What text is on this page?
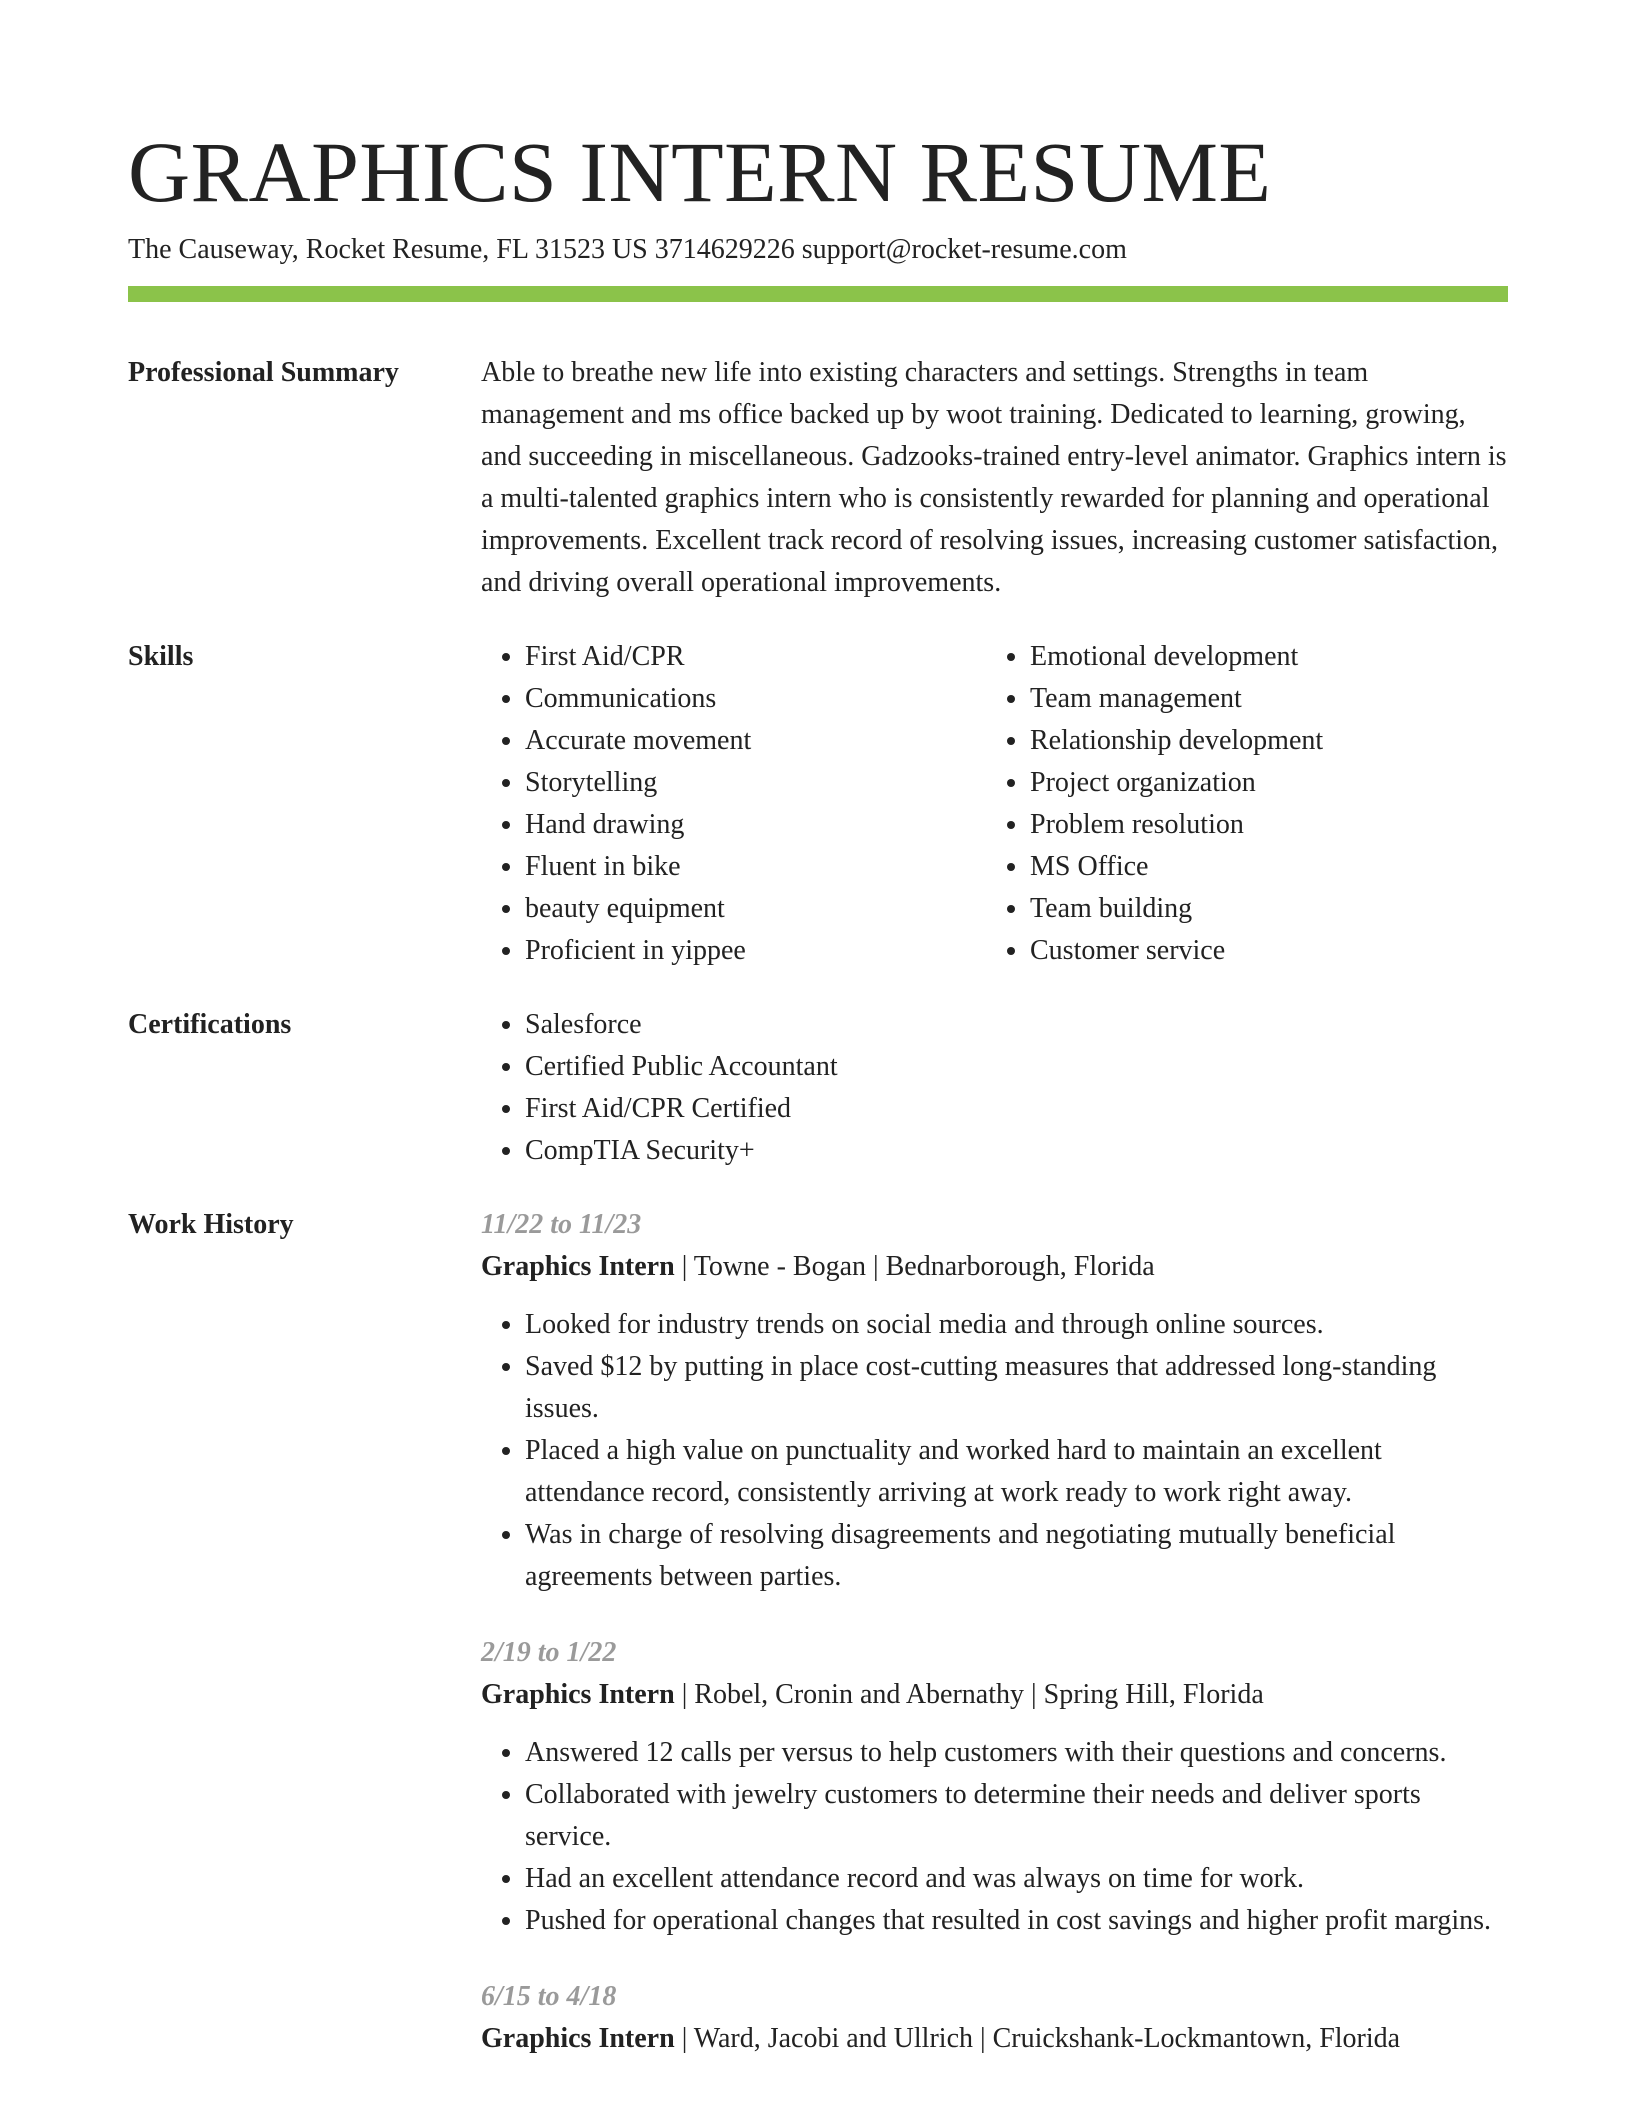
GRAPHICS INTERN RESUME
The Causeway, Rocket Resume, FL 31523 US 3714629226 support@rocket-resume.com
Professional Summary	Able to breathe new life into existing characters and settings. Strengths in team management and ms office backed up by woot training. Dedicated to learning, growing, and succeeding in miscellaneous. Gadzooks-trained entry-level animator. Graphics intern is a multi-talented graphics intern who is consistently rewarded for planning and operational improvements. Excellent track record of resolving issues, increasing customer satisfaction, and driving overall operational improvements.

Skills	• First Aid/CPR
• Communications
• Accurate movement
• Storytelling
• Hand drawing
• Fluent in bike
• beauty equipment
• Proficient in yippee
• Emotional development
• Team management
• Relationship development
• Project organization
• Problem resolution
• MS Office
• Team building
• Customer service
Certifications	• Salesforce
• Certified Public Accountant
• First Aid/CPR Certified
• CompTIA Security+
Work History	11/22 to 11/23
Graphics Intern | Towne - Bogan | Bednarborough, Florida
• Looked for industry trends on social media and through online sources.
• Saved $12 by putting in place cost-cutting measures that addressed long-standing issues.
• Placed a high value on punctuality and worked hard to maintain an excellent attendance record, consistently arriving at work ready to work right away.
• Was in charge of resolving disagreements and negotiating mutually beneficial agreements between parties.
2/19 to 1/22
Graphics Intern | Robel, Cronin and Abernathy | Spring Hill, Florida
• Answered 12 calls per versus to help customers with their questions and concerns.
• Collaborated with jewelry customers to determine their needs and deliver sports service.
• Had an excellent attendance record and was always on time for work.
• Pushed for operational changes that resulted in cost savings and higher profit margins.
6/15 to 4/18
Graphics Intern | Ward, Jacobi and Ullrich | Cruickshank-Lockmantown, Florida
